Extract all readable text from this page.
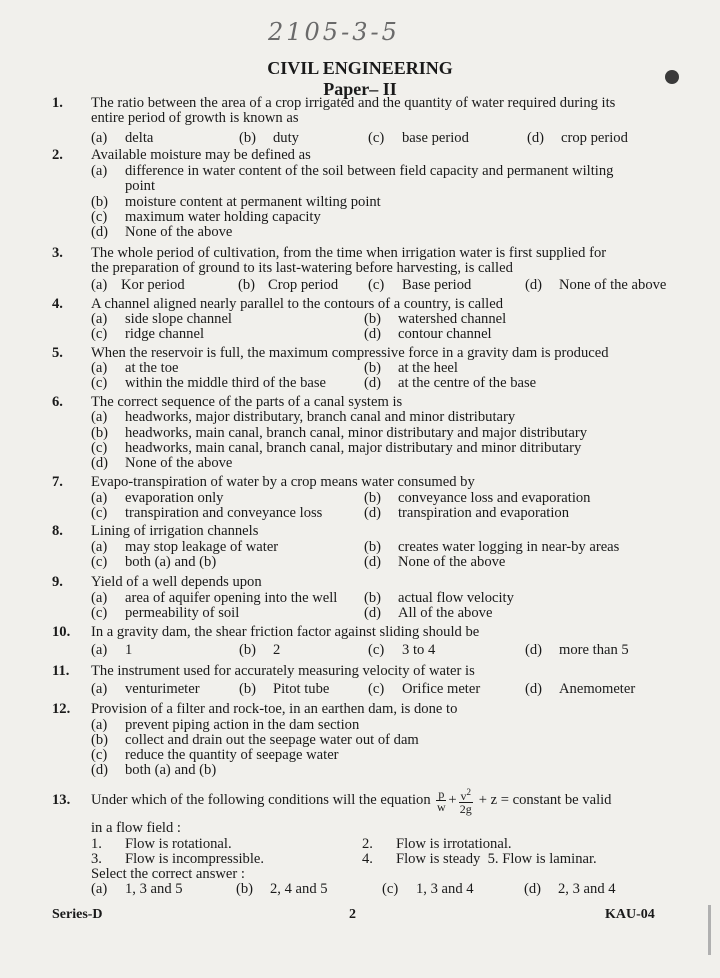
2105-3-5
CIVIL ENGINEERING
Paper– II
1. The ratio between the area of a crop irrigated and the quantity of water required during its
entire period of growth is known as
(a) delta	(b) duty	(c) base period	(d) crop period
2. Available moisture may be defined as
(a) difference in water content of the soil between field capacity and permanent wilting
point
(b) moisture content at permanent wilting point
(c) maximum water holding capacity
(d) None of the above
3. The whole period of cultivation, from the time when irrigation water is first supplied for
the preparation of ground to its last-watering before harvesting, is called
(a) Kor period	(b) Crop period (c) Base period	(d) None of the above
4. A channel aligned nearly parallel to the contours of a country, is called
(a) side slope channel	(b) watershed channel
(c) ridge channel	(d) contour channel
5. When the reservoir is full, the maximum compressive force in a gravity dam is produced
(a) at the toe	(b) at the heel
(c) within the middle third of the base	(d) at the centre of the base
6. The correct sequence of the parts of a canal system is
(a) headworks, major distributary, branch canal and minor distributary
(b) headworks, main canal, branch canal, minor distributary and major distributary
(c) headworks, main canal, branch canal, major distributary and minor ditributary
(d) None of the above
7. Evapo-transpiration of water by a crop means water consumed by
(a) evaporation only	(b) conveyance loss and evaporation
(c) transpiration and conveyance loss	(d) transpiration and evaporation
8. Lining of irrigation channels
(a) may stop leakage of water	(b) creates water logging in near-by areas
(c) both (a) and (b)	(d) None of the above
9. Yield of a well depends upon
(a) area of aquifer opening into the well (b) actual flow velocity
(c) permeability of soil	(d) All of the above
10. In a gravity dam, the shear friction factor against sliding should be
(a) 1	(b) 2	(c) 3 to 4	(d) more than 5
11. The instrument used for accurately measuring velocity of water is
(a) venturimeter	(b) Pitot tube	(c) Orifice meter	(d) Anemometer
12. Provision of a filter and rock-toe, in an earthen dam, is done to
(a) prevent piping action in the dam section
(b) collect and drain out the seepage water out of dam
(c) reduce the quantity of seepage water
(d) both (a) and (b)
13. Under which of the following conditions will the equation $\frac{p}{w} + \frac{v^2}{2g} + z$ = constant be valid
in a flow field :
1. Flow is rotational.	2. Flow is irrotational.
3. Flow is incompressible.	4. Flow is steady 5. Flow is laminar.
Select the correct answer :
(a) 1, 3 and 5	(b) 2, 4 and 5	(c) 1, 3 and 4	(d) 2, 3 and 4
Series-D	2	KAU-04
